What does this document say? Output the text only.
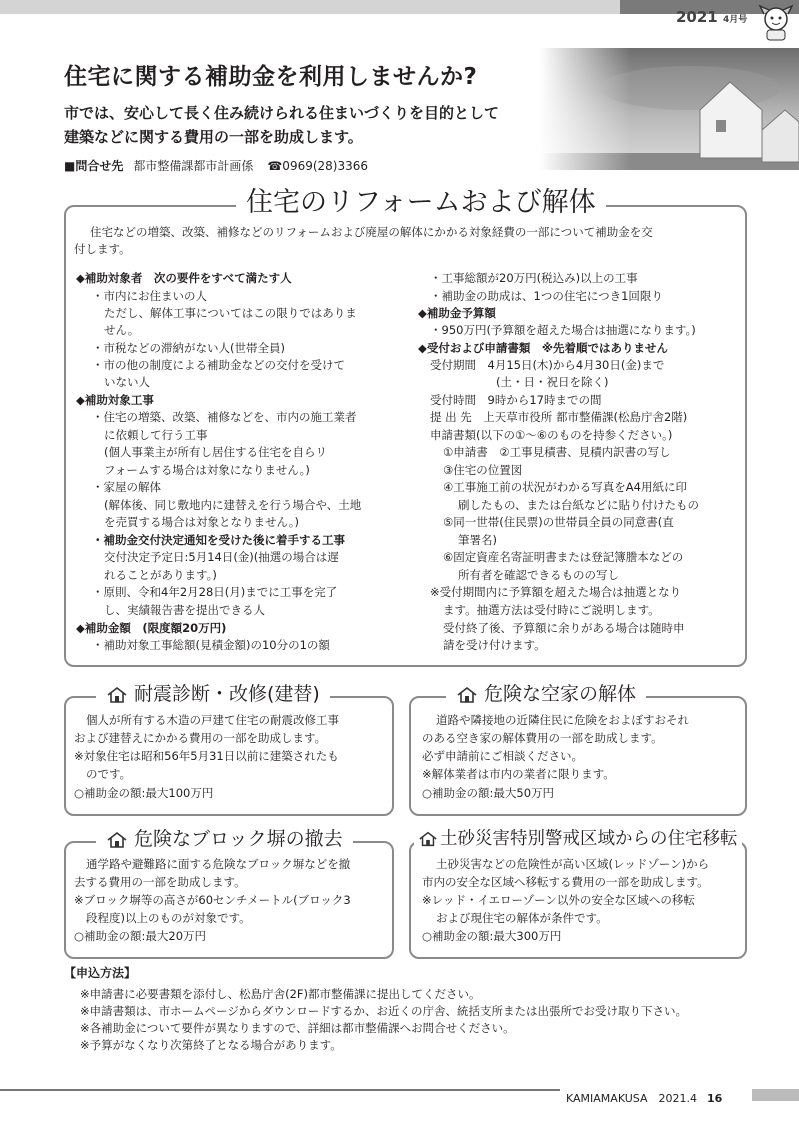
2021 4月号
住宅に関する補助金を利用しませんか?
市では、安心して長く住み続けられる住まいづくりを目的として
建築などに関する費用の一部を助成します。
■問合せ先 都市整備課都市計画係 ☎0969(28)3366
住宅のリフォームおよび解体
住宅などの増築、改築、補修などのリフォームおよび廃屋の解体にかかる対象経費の一部について補助金を交
付します。
◆補助対象者　次の要件をすべて満たす人
・市内にお住まいの人
ただし、解体工事についてはこの限りではありま
せん。
・市税などの滞納がない人(世帯全員)
・市の他の制度による補助金などの交付を受けて
いない人
◆補助対象工事
・住宅の増築、改築、補修などを、市内の施工業者
に依頼して行う工事
(個人事業主が所有し居住する住宅を自らリ
フォームする場合は対象になりません。)
・家屋の解体
(解体後、同じ敷地内に建替えを行う場合や、土地
を売買する場合は対象となりません。)
・補助金交付決定通知を受けた後に着手する工事
交付決定予定日:5月14日(金)(抽選の場合は遅
れることがあります。)
・原則、令和4年2月28日(月)までに工事を完了
し、実績報告書を提出できる人
◆補助金額　(限度額20万円)
・補助対象工事総額(見積金額)の10分の1の額
・工事総額が20万円(税込み)以上の工事
・補助金の助成は、1つの住宅につき1回限り
◆補助金予算額
・950万円(予算額を超えた場合は抽選になります。)
◆受付および申請書類　※先着順ではありません
受付期間　4月15日(木)から4月30日(金)まで
(土・日・祝日を除く)
受付時間　9時から17時までの間
提 出 先　上天草市役所 都市整備課(松島庁舎2階)
申請書類(以下の①〜⑥のものを持参ください。)
①申請書　②工事見積書、見積内訳書の写し
③住宅の位置図
④工事施工前の状況がわかる写真をA4用紙に印
刷したもの、または台紙などに貼り付けたもの
⑤同一世帯(住民票)の世帯員全員の同意書(直
筆署名)
⑥固定資産名寄証明書または登記簿謄本などの
所有者を確認できるものの写し
※受付期間内に予算額を超えた場合は抽選となり
ます。抽選方法は受付時にご説明します。
受付終了後、予算額に余りがある場合は随時申
請を受け付けます。
耐震診断・改修(建替)
個人が所有する木造の戸建て住宅の耐震改修工事
および建替えにかかる費用の一部を助成します。
※対象住宅は昭和56年5月31日以前に建築されたも
のです。
○補助金の額:最大100万円
危険な空家の解体
道路や隣接地の近隣住民に危険をおよぼすおそれ
のある空き家の解体費用の一部を助成します。
必ず申請前にご相談ください。
※解体業者は市内の業者に限ります。
○補助金の額:最大50万円
危険なブロック塀の撤去
通学路や避難路に面する危険なブロック塀などを撤
去する費用の一部を助成します。
※ブロック塀等の高さが60センチメートル(ブロック3
段程度)以上のものが対象です。
○補助金の額:最大20万円
土砂災害特別警戒区域からの住宅移転
土砂災害などの危険性が高い区域(レッドゾーン)から
市内の安全な区域へ移転する費用の一部を助成します。
※レッド・イエローゾーン以外の安全な区域への移転
および現住宅の解体が条件です。
○補助金の額:最大300万円
【申込方法】
※申請書に必要書類を添付し、松島庁舎(2F)都市整備課に提出してください。
※申請書類は、市ホームページからダウンロードするか、お近くの庁舎、統括支所または出張所でお受け取り下さい。
※各補助金について要件が異なりますので、詳細は都市整備課へお問合せください。
※予算がなくなり次第終了となる場合があります。
KAMIAMAKUSA　2021.4 16
